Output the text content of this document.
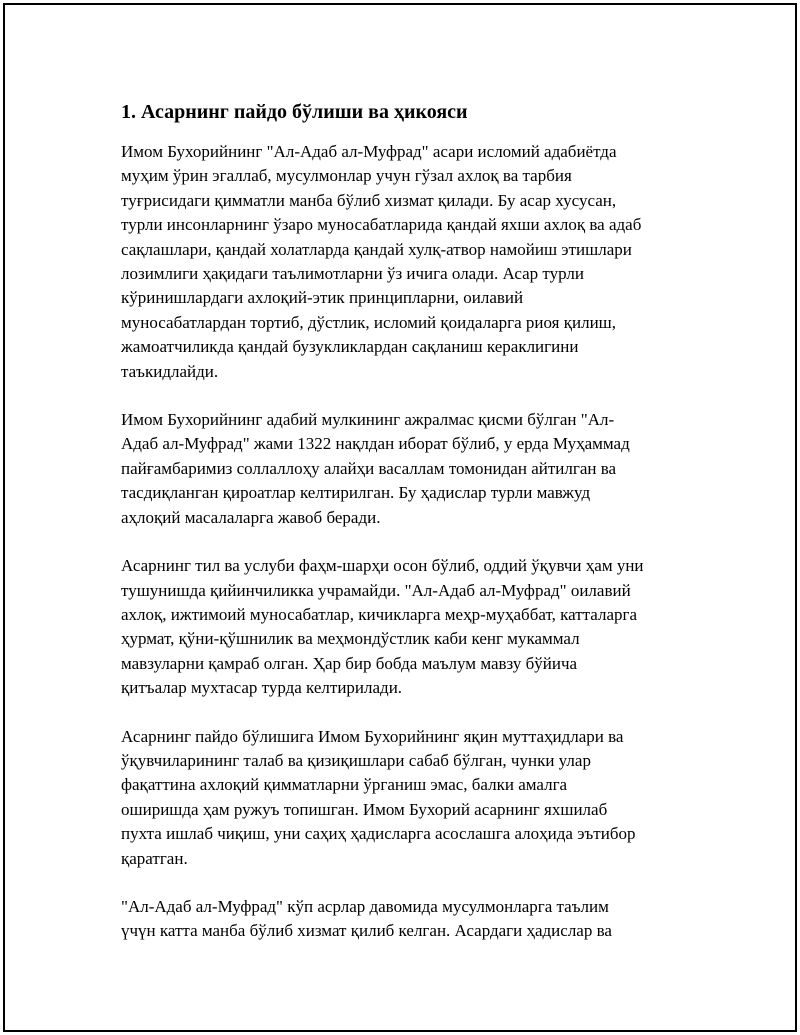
1. Асарнинг пайдо бўлиши ва ҳикояси

Имом Бухорийнинг "Ал-Адаб ал-Муфрад" асари исломий адабиётда
муҳим ўрин эгаллаб, мусулмонлар учун гўзал ахлоқ ва тарбия
туғрисидаги қимматли манба бўлиб хизмат қилади. Бу асар хусусан,
турли инсонларнинг ўзаро муносабатларида қандай яхши ахлоқ ва адаб
сақлашлари, қандай холатларда қандай хулқ-атвор намойиш этишлари
лозимлиги ҳақидаги таълимотларни ўз ичига олади. Асар турли
кўринишлардаги ахлоқий-этик принципларни, оилавий
муносабатлардан тортиб, дўстлик, исломий қоидаларга риоя қилиш,
жамоатчиликда қандай бузукликлардан сақланиш кераклигини
таъкидлайди.

Имом Бухорийнинг адабий мулкининг ажралмас қисми бўлган "Ал-
Адаб ал-Муфрад" жами 1322 нақлдан иборат бўлиб, у ерда Муҳаммад
пайғамбаримиз соллаллоҳу алайҳи васаллам томонидан айтилган ва
тасдиқланган қироатлар келтирилган. Бу ҳадислар турли мавжуд
аҳлоқий масалаларга жавоб беради.

Асарнинг тил ва услуби фаҳм-шарҳи осон бўлиб, оддий ўқувчи ҳам уни
тушунишда қийинчиликка учрамайди. "Ал-Адаб ал-Муфрад" оилавий
ахлоқ, ижтимоий муносабатлар, кичикларга меҳр-муҳаббат, катталарга
ҳурмат, қўни-қўшнилик ва меҳмондўстлик каби кенг мукаммал
мавзуларни қамраб олган. Ҳар бир бобда маълум мавзу бўйича
қитъалар мухтасар турда келтирилади.

Асарнинг пайдо бўлишига Имом Бухорийнинг яқин муттаҳидлари ва
ўқувчиларининг талаб ва қизиқишлари сабаб бўлган, чунки улар
фақаттина ахлоқий қимматларни ўрганиш эмас, балки амалга
оширишда ҳам ружуъ топишган. Имом Бухорий асарнинг яхшилаб
пухта ишлаб чиқиш, уни саҳиҳ ҳадисларга асослашга алоҳида эътибор
қаратган.

"Ал-Адаб ал-Муфрад" кўп асрлар давомида мусулмонларга таълим
үчүн катта манба бўлиб хизмат қилиб келган. Асардаги ҳадислар ва
